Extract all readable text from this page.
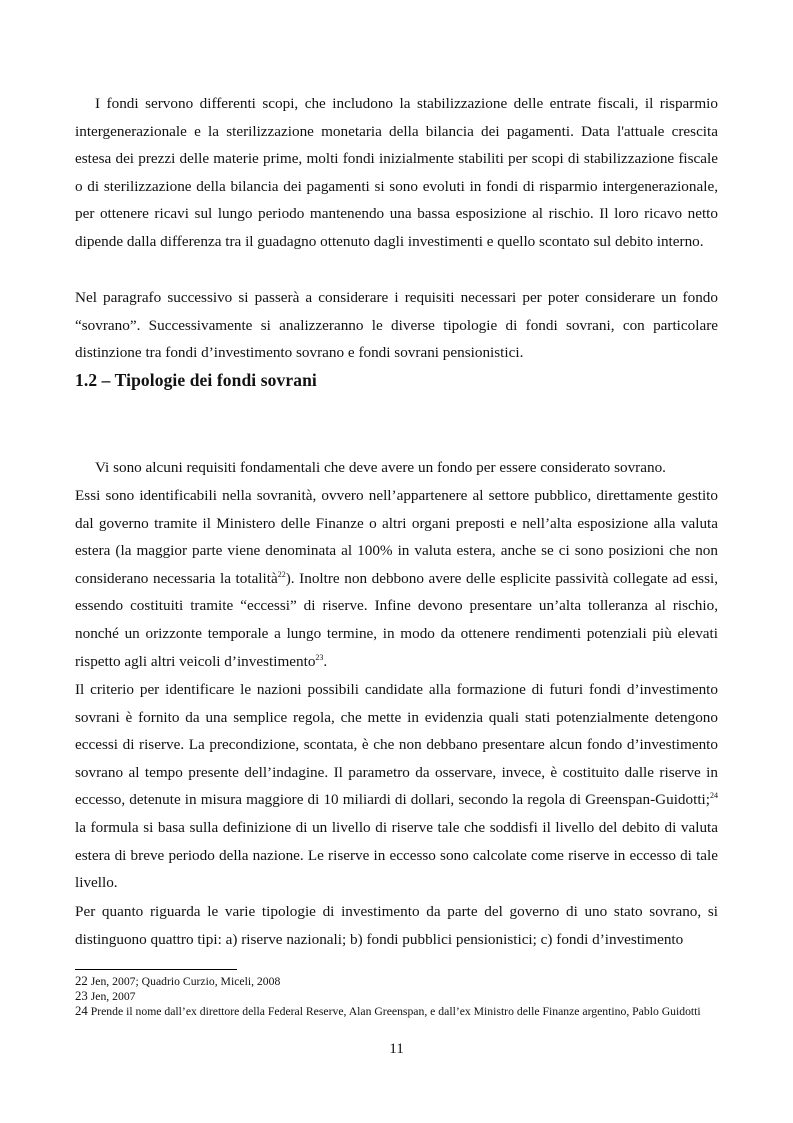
I fondi servono differenti scopi, che includono la stabilizzazione delle entrate fiscali, il risparmio intergenerazionale e la sterilizzazione monetaria della bilancia dei pagamenti. Data l'attuale crescita estesa dei prezzi delle materie prime, molti fondi inizialmente stabiliti per scopi di stabilizzazione fiscale o di sterilizzazione della bilancia dei pagamenti si sono evoluti in fondi di risparmio intergenerazionale, per ottenere ricavi sul lungo periodo mantenendo una bassa esposizione al rischio. Il loro ricavo netto dipende dalla differenza tra il guadagno ottenuto dagli investimenti e quello scontato sul debito interno.

Nel paragrafo successivo si passerà a considerare i requisiti necessari per poter considerare un fondo “sovrano”. Successivamente si analizzeranno le diverse tipologie di fondi sovrani, con particolare distinzione tra fondi d’investimento sovrano e fondi sovrani pensionistici.

1.2 – Tipologie dei fondi sovrani

Vi sono alcuni requisiti fondamentali che deve avere un fondo per essere considerato sovrano.

Essi sono identificabili nella sovranità, ovvero nell’appartenere al settore pubblico, direttamente gestito dal governo tramite il Ministero delle Finanze o altri organi preposti e nell’alta esposizione alla valuta estera (la maggior parte viene denominata al 100% in valuta estera, anche se ci sono posizioni che non considerano necessaria la totalità$^{22}$). Inoltre non debbono avere delle esplicite passività collegate ad essi, essendo costituiti tramite “eccessi” di riserve. Infine devono presentare un’alta tolleranza al rischio, nonché un orizzonte temporale a lungo termine, in modo da ottenere rendimenti potenziali più elevati rispetto agli altri veicoli d’investimento$^{23}$.

Il criterio per identificare le nazioni possibili candidate alla formazione di futuri fondi d’investimento sovrani è fornito da una semplice regola, che mette in evidenzia quali stati potenzialmente detengono eccessi di riserve. La precondizione, scontata, è che non debbano presentare alcun fondo d’investimento sovrano al tempo presente dell’indagine. Il parametro da osservare, invece, è costituito dalle riserve in eccesso, detenute in misura maggiore di 10 miliardi di dollari, secondo la regola di Greenspan-Guidotti;$^{24}$ la formula si basa sulla definizione di un livello di riserve tale che soddisfi il livello del debito di valuta estera di breve periodo della nazione. Le riserve in eccesso sono calcolate come riserve in eccesso di tale livello.

Per quanto riguarda le varie tipologie di investimento da parte del governo di uno stato sovrano, si distinguono quattro tipi: a) riserve nazionali; b) fondi pubblici pensionistici; c) fondi d’investimento

22 Jen, 2007; Quadrio Curzio, Miceli, 2008

23 Jen, 2007

24 Prende il nome dall’ex direttore della Federal Reserve, Alan Greenspan, e dall’ex Ministro delle Finanze argentino, Pablo Guidotti

11
